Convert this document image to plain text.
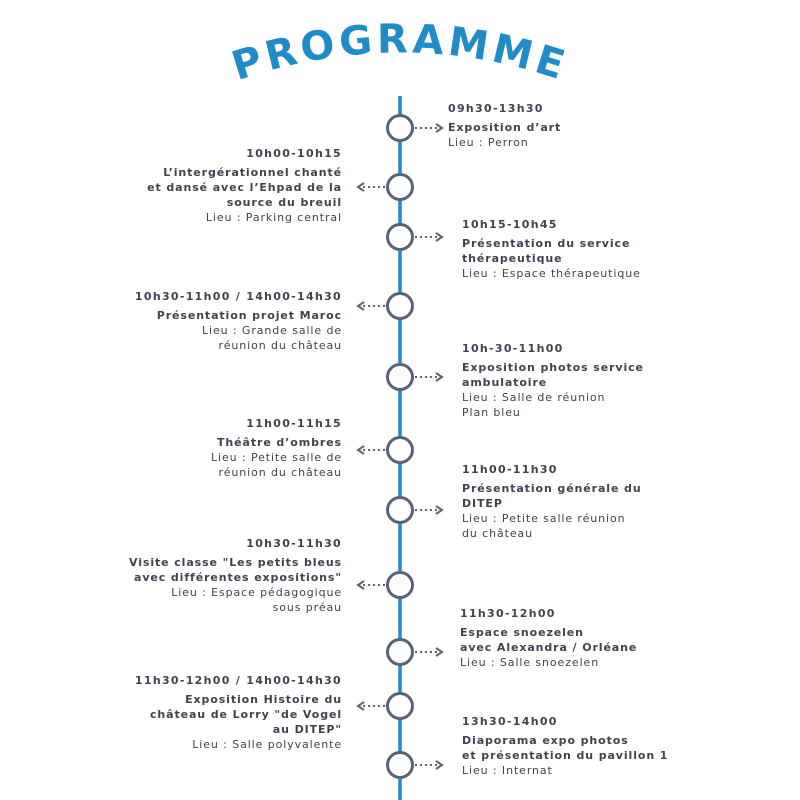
PROGRAMME
09h30-13h30
Exposition d’art
Lieu : Perron
10h00-10h15
L’intergérationnel chanté
et dansé avec l’Ehpad de la
source du breuil
Lieu : Parking central
10h15-10h45
Présentation du service
thérapeutique
Lieu : Espace thérapeutique
10h30-11h00 / 14h00-14h30
Présentation projet Maroc
Lieu : Grande salle de
réunion du château	10h-30-11h00
Exposition photos service
ambulatoire
Lieu : Salle de réunion
Plan bleu
11h00-11h15
Théâtre d’ombres
Lieu : Petite salle de
réunion du château	11h00-11h30
Présentation générale du
DITEP
Lieu : Petite salle réunion
du château
10h30-11h30
Visite classe "Les petits bleus
avec différentes expositions"
Lieu : Espace pédagogique
sous préau	11h30-12h00
Espace snoezelen
avec Alexandra / Orléane
Lieu : Salle snoezelen
11h30-12h00 / 14h00-14h30
Exposition Histoire du
château de Lorry "de Vogel
au DITEP"
Lieu : Salle polyvalente
13h30-14h00
Diaporama expo photos
et présentation du pavillon 1
Lieu : Internat
